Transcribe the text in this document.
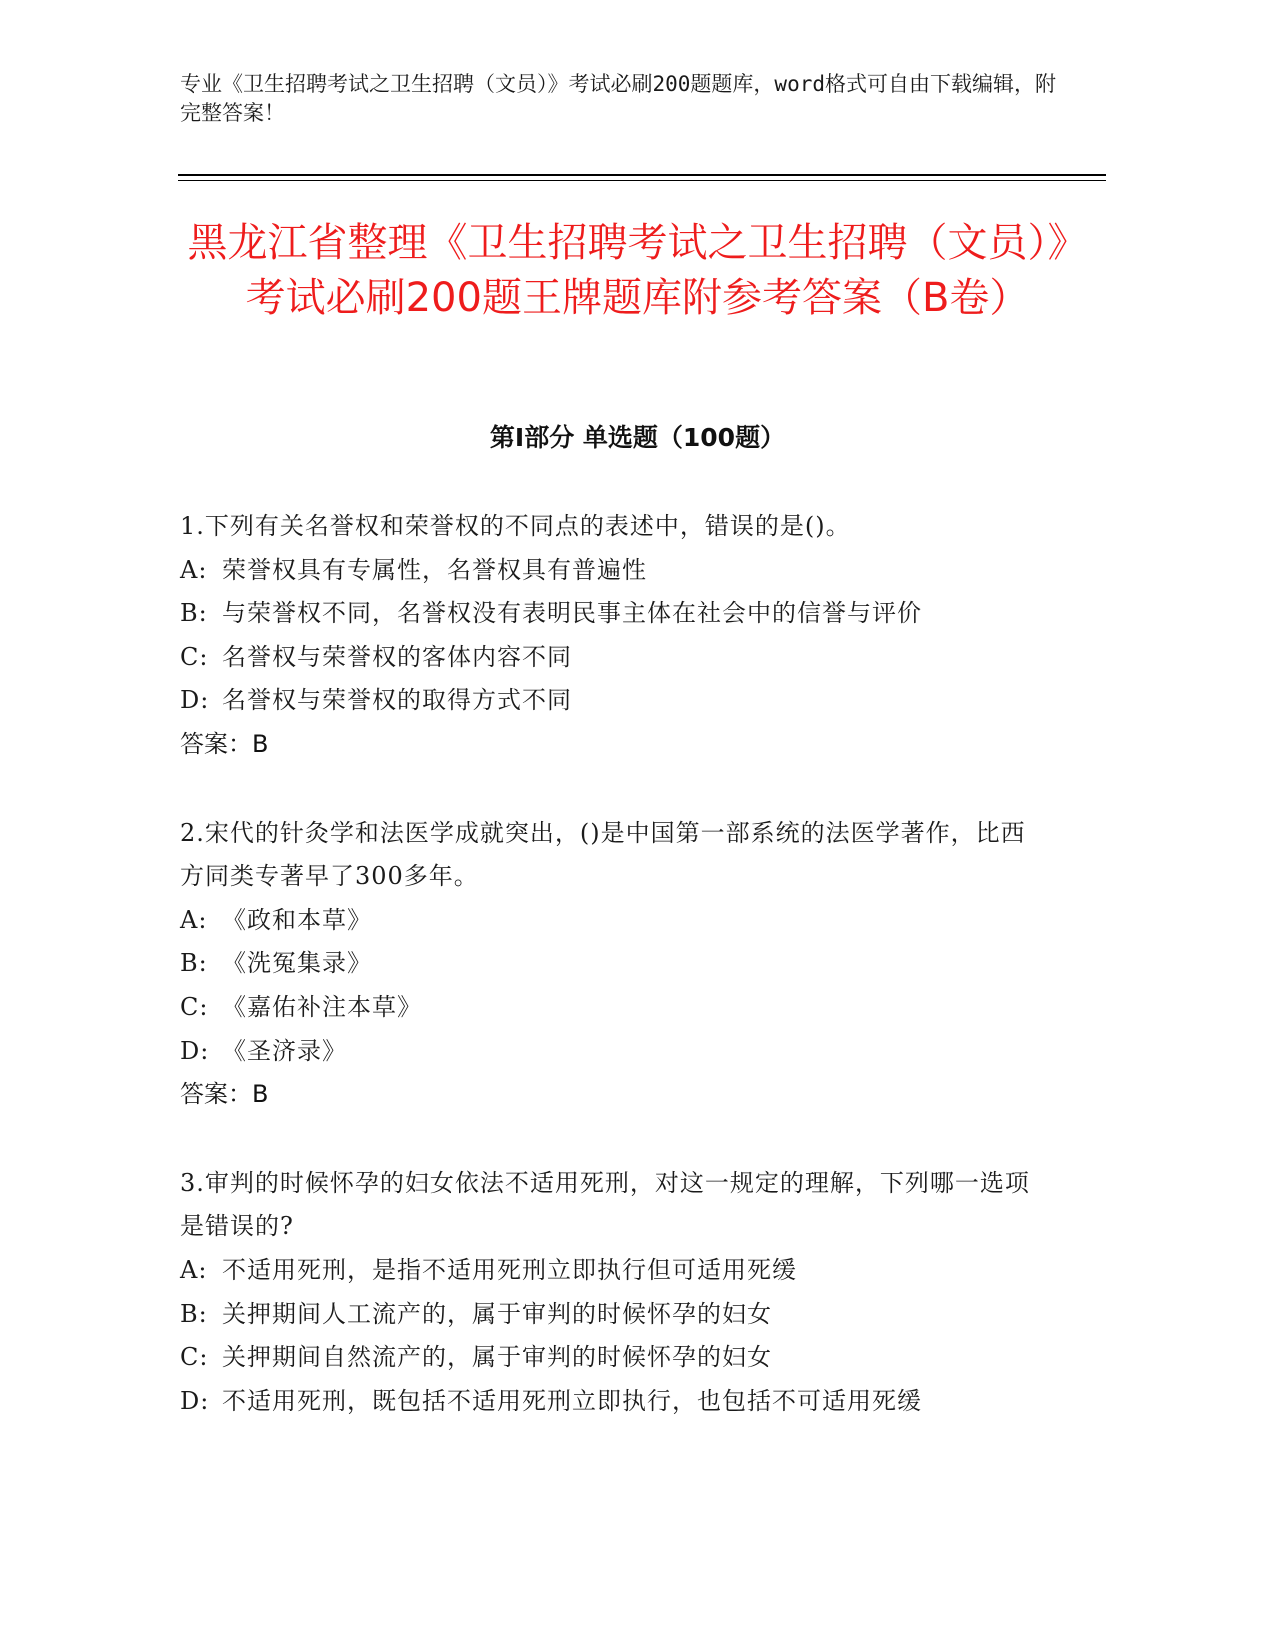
专业《卫生招聘考试之卫生招聘（文员）》考试必刷200题题库，word格式可自由下载编辑，附完整答案！
黑龙江省整理《卫生招聘考试之卫生招聘（文员）》考试必刷200题王牌题库附参考答案（B卷）
第I部分 单选题（100题）

1.下列有关名誉权和荣誉权的不同点的表述中，错误的是()。

A: 荣誉权具有专属性，名誉权具有普遍性

B: 与荣誉权不同，名誉权没有表明民事主体在社会中的信誉与评价

C: 名誉权与荣誉权的客体内容不同

D: 名誉权与荣誉权的取得方式不同

答案：B

2.宋代的针灸学和法医学成就突出，()是中国第一部系统的法医学著作，比西方同类专著早了300多年。

A: 《政和本草》

B: 《洗冤集录》

C: 《嘉佑补注本草》

D: 《圣济录》

答案：B

3.审判的时候怀孕的妇女依法不适用死刑，对这一规定的理解，下列哪一选项是错误的?

A: 不适用死刑，是指不适用死刑立即执行但可适用死缓

B: 关押期间人工流产的，属于审判的时候怀孕的妇女

C: 关押期间自然流产的，属于审判的时候怀孕的妇女

D: 不适用死刑，既包括不适用死刑立即执行，也包括不可适用死缓
